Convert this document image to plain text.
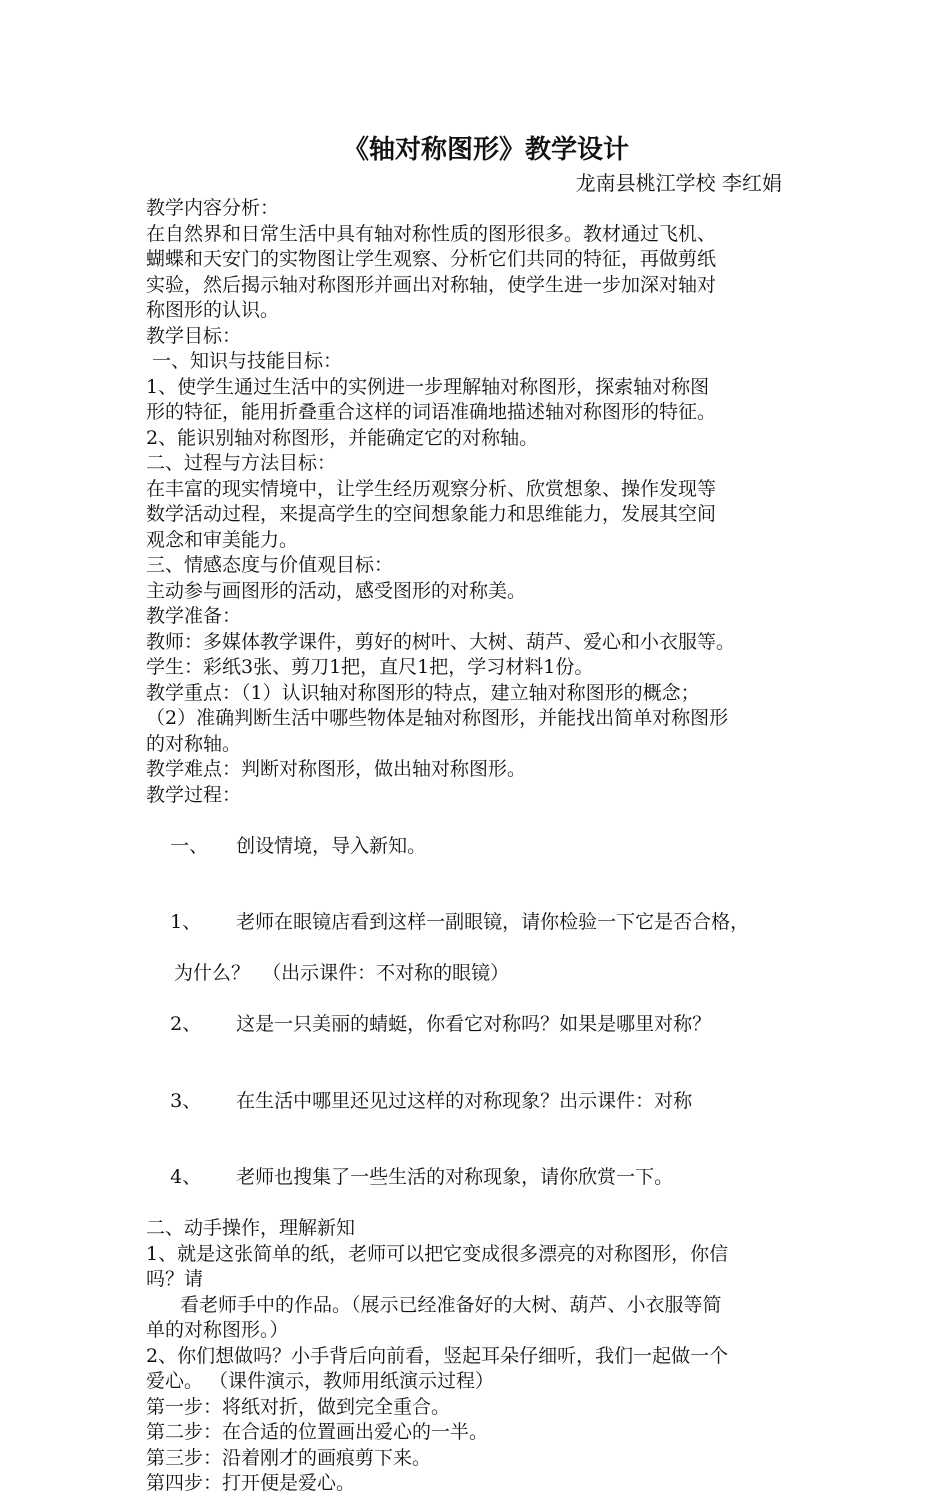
《轴对称图形》教学设计
龙南县桃江学校 李红娟
教学内容分析：
在自然界和日常生活中具有轴对称性质的图形很多。教材通过飞机、
蝴蝶和天安门的实物图让学生观察、分析它们共同的特征，再做剪纸
实验，然后揭示轴对称图形并画出对称轴，使学生进一步加深对轴对
称图形的认识。
教学目标：
一、知识与技能目标：
1、使学生通过生活中的实例进一步理解轴对称图形，探索轴对称图
形的特征，能用折叠重合这样的词语准确地描述轴对称图形的特征。
2、能识别轴对称图形，并能确定它的对称轴。
二、过程与方法目标：
在丰富的现实情境中，让学生经历观察分析、欣赏想象、操作发现等
数学活动过程，来提高学生的空间想象能力和思维能力，发展其空间
观念和审美能力。
三、情感态度与价值观目标：
主动参与画图形的活动，感受图形的对称美。
教学准备：
教师：多媒体教学课件，剪好的树叶、大树、葫芦、爱心和小衣服等。
学生：彩纸3张、剪刀1把，直尺1把，学习材料1份。
教学重点：（1）认识轴对称图形的特点，建立轴对称图形的概念；
（2）准确判断生活中哪些物体是轴对称图形，并能找出简单对称图形
的对称轴。
教学难点：判断对称图形，做出轴对称图形。
教学过程：

一、 创设情境，导入新知。

1、 老师在眼镜店看到这样一副眼镜，请你检验一下它是否合格，

为什么？  （出示课件：不对称的眼镜）

2、 这是一只美丽的蜻蜓，你看它对称吗？如果是哪里对称？

3、 在生活中哪里还见过这样的对称现象？出示课件：对称

4、 老师也搜集了一些生活的对称现象，请你欣赏一下。

二、动手操作，理解新知
1、就是这张简单的纸，老师可以把它变成很多漂亮的对称图形，你信
吗？请
看老师手中的作品。（展示已经准备好的大树、葫芦、小衣服等简
单的对称图形。）
2、你们想做吗？小手背后向前看，竖起耳朵仔细听，我们一起做一个
爱心。 （课件演示，教师用纸演示过程）
第一步：将纸对折，做到完全重合。
第二步：在合适的位置画出爱心的一半。
第三步：沿着刚才的画痕剪下来。
第四步：打开便是爱心。
